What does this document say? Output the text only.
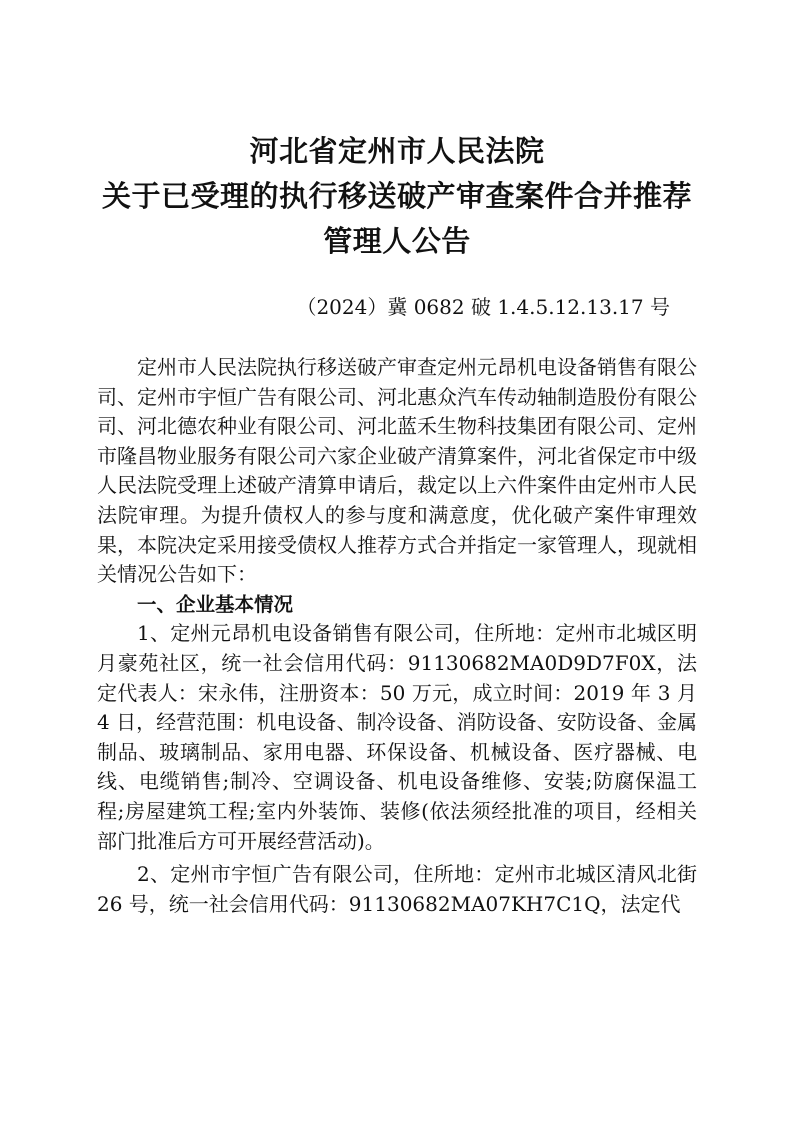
河北省定州市人民法院
关于已受理的执行移送破产审查案件合并推荐
管理人公告
（2024）冀 0682 破 1.4.5.12.13.17 号

定州市人民法院执行移送破产审查定州元昂机电设备销售有限公司、定州市宇恒广告有限公司、河北惠众汽车传动轴制造股份有限公司、河北德农种业有限公司、河北蓝禾生物科技集团有限公司、定州市隆昌物业服务有限公司六家企业破产清算案件，河北省保定市中级人民法院受理上述破产清算申请后，裁定以上六件案件由定州市人民法院审理。为提升债权人的参与度和满意度，优化破产案件审理效果，本院决定采用接受债权人推荐方式合并指定一家管理人，现就相关情况公告如下：

一、企业基本情况

1、定州元昂机电设备销售有限公司，住所地：定州市北城区明月豪苑社区，统一社会信用代码：91130682MA0D9D7F0X，法定代表人：宋永伟，注册资本：50 万元，成立时间：2019 年 3 月 4 日，经营范围：机电设备、制冷设备、消防设备、安防设备、金属制品、玻璃制品、家用电器、环保设备、机械设备、医疗器械、电线、电缆销售;制冷、空调设备、机电设备维修、安装;防腐保温工程;房屋建筑工程;室内外装饰、装修(依法须经批准的项目，经相关部门批准后方可开展经营活动)。

2、定州市宇恒广告有限公司，住所地：定州市北城区清风北街 26 号，统一社会信用代码：91130682MA07KH7C1Q，法定代
